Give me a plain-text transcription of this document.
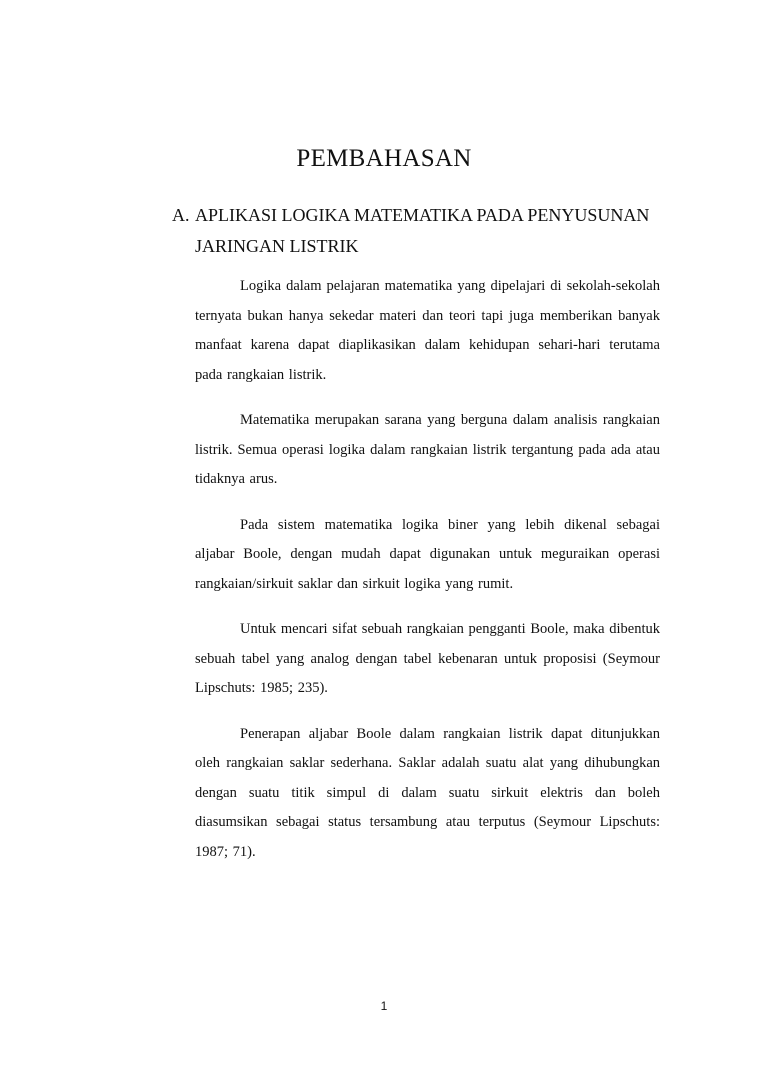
PEMBAHASAN
A. APLIKASI LOGIKA MATEMATIKA PADA PENYUSUNAN
JARINGAN LISTRIK

Logika dalam pelajaran matematika yang dipelajari di sekolah-sekolah ternyata bukan hanya sekedar materi dan teori tapi juga memberikan banyak manfaat karena dapat diaplikasikan dalam kehidupan sehari-hari terutama pada rangkaian listrik.

Matematika merupakan sarana yang berguna dalam analisis rangkaian listrik. Semua operasi logika dalam rangkaian listrik tergantung pada ada atau tidaknya arus.

Pada sistem matematika logika biner yang lebih dikenal sebagai aljabar Boole, dengan mudah dapat digunakan untuk meguraikan operasi rangkaian/sirkuit saklar dan sirkuit logika yang rumit.

Untuk mencari sifat sebuah rangkaian pengganti Boole, maka dibentuk sebuah tabel yang analog dengan tabel kebenaran untuk proposisi (Seymour Lipschuts: 1985; 235).

Penerapan aljabar Boole dalam rangkaian listrik dapat ditunjukkan oleh rangkaian saklar sederhana. Saklar adalah suatu alat yang dihubungkan dengan suatu titik simpul di dalam suatu sirkuit elektris dan boleh diasumsikan sebagai status tersambung atau terputus (Seymour Lipschuts: 1987; 71).

1
